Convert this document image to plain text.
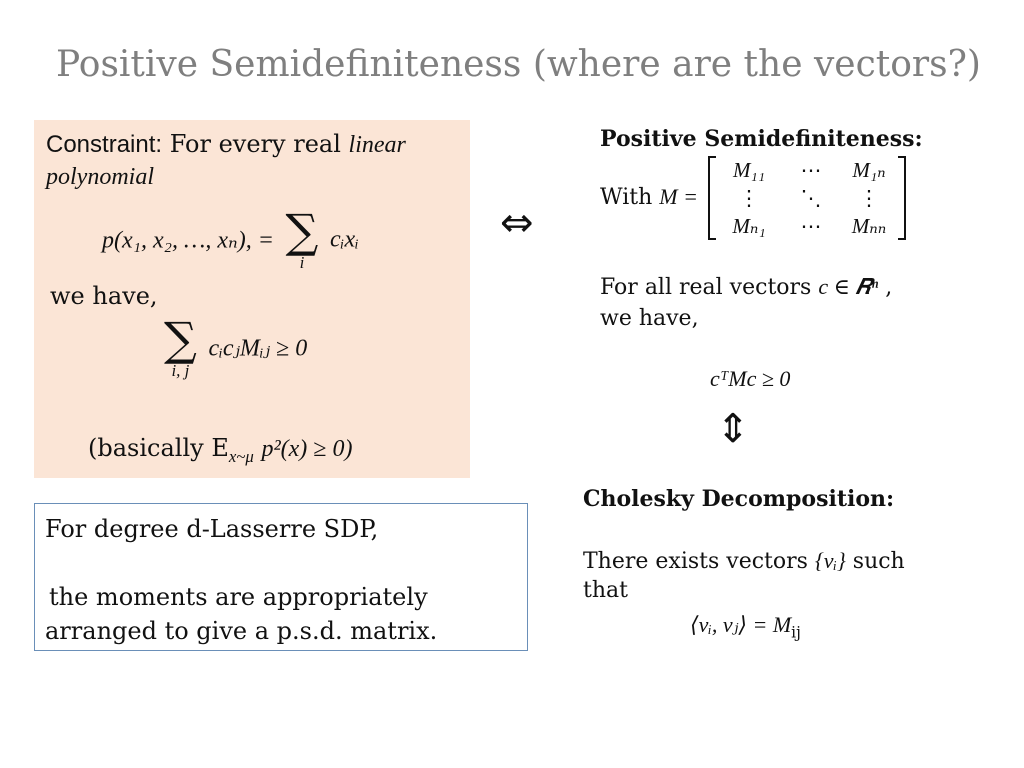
Positive Semidefiniteness (where are the vectors?)
Constraint: For every real linear
polynomial
p(x₁, x₂, …, xₙ), = ∑
i
cᵢxᵢ
we have,
∑
i, j
cᵢcⱼMᵢⱼ ≥ 0
(basically $E_{x\sim\mu}$ p²(x) ≥ 0)
⇔
Positive Semidefiniteness:
With M =
M₁₁	⋯	M₁ₙ
⋮	⋱	⋮
Mₙ₁	⋯	Mₙₙ
For all real vectors c ∈ 𝑹ⁿ ,
we have,
cᵀMc ≥ 0
⇕
Cholesky Decomposition:
There exists vectors {vᵢ} such
that
⟨vᵢ, vⱼ⟩ = $M_{ij}$

For degree d-Lasserre SDP,

the moments are appropriately

arranged to give a p.s.d. matrix.
